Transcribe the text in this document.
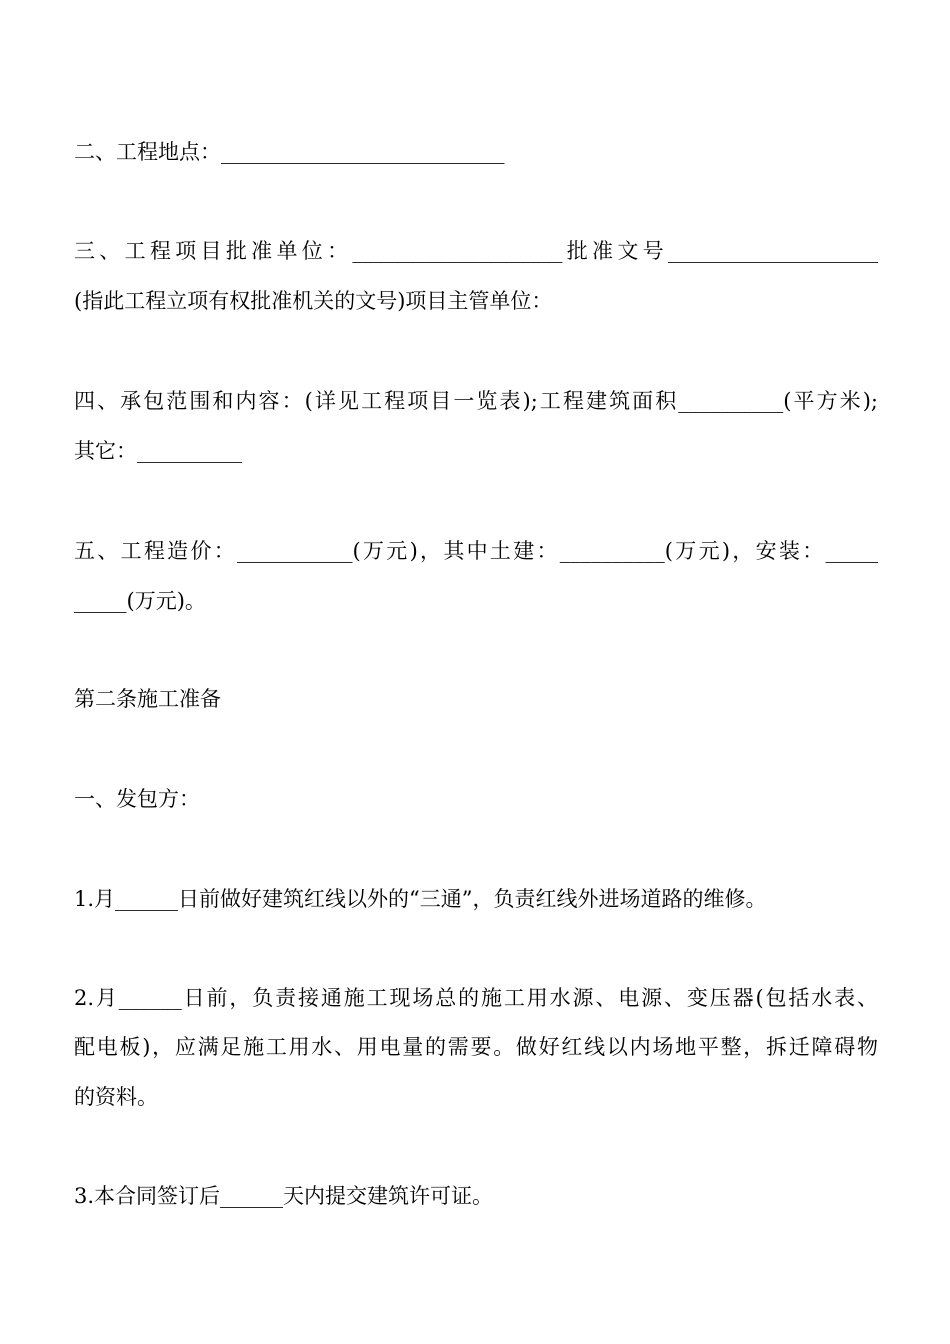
二、工程地点：___________________________
三、工程项目批准单位：____________________批准文号____________________
(指此工程立项有权批准机关的文号)项目主管单位：
四、承包范围和内容：(详见工程项目一览表);工程建筑面积__________(平方米);
其它：__________
五、工程造价：___________(万元)，其中土建：__________(万元)，安装：_____
_____(万元)。
第二条施工准备
一、发包方：
1.月______日前做好建筑红线以外的“三通”，负责红线外进场道路的维修。
2.月______日前，负责接通施工现场总的施工用水源、电源、变压器(包括水表、
配电板)，应满足施工用水、用电量的需要。做好红线以内场地平整，拆迁障碍物
的资料。
3.本合同签订后______天内提交建筑许可证。
